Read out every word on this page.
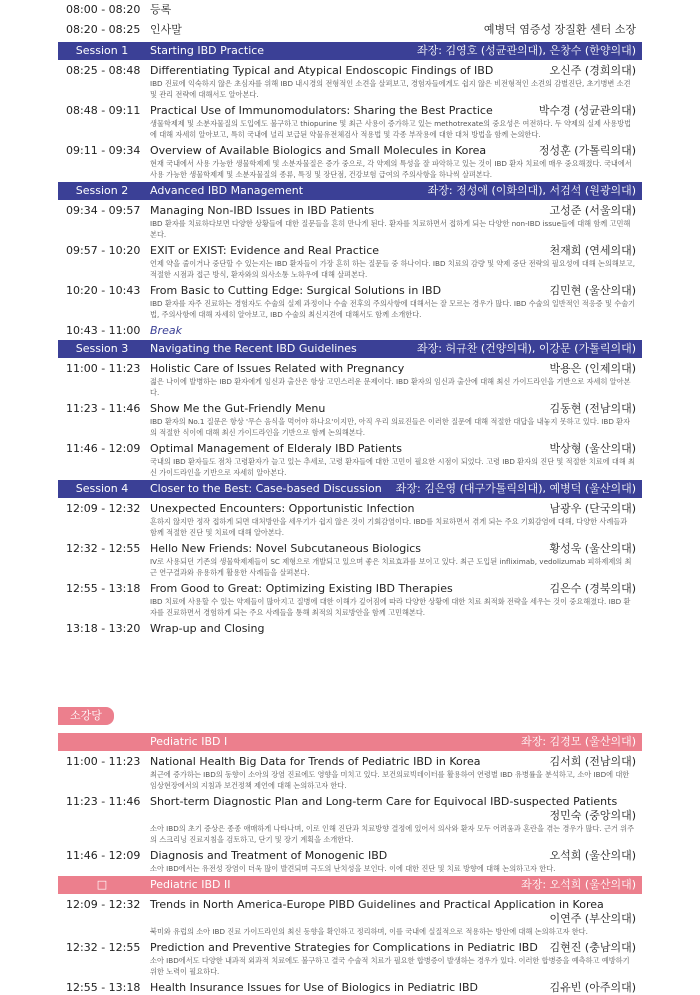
08:00 - 08:20 등록
08:20 - 08:25 인사말	예병덕 염증성 장질환 센터 소장
Session 1	Starting IBD Practice	좌장: 김영호 (성균관의대), 은창수 (한양의대)
08:25 - 08:48 Differentiating Typical and Atypical Endoscopic Findings of IBD	오신주 (경희의대)
IBD 진료에 익숙하지 않은 초심자를 위해 IBD 내시경의 전형적인 소견을 살펴보고, 경험자들에게도 쉽지 않은 비전형적인 소견의 감별진단, 초기병변 소견 및 관리 전략에 대해서도 알아본다.
08:48 - 09:11 Practical Use of Immunomodulators: Sharing the Best Practice	박수경 (성균관의대)
생물학제제 및 소분자물질의 도입에도 불구하고 thiopurine 및 최근 사용이 증가하고 있는 methotrexate의 중요성은 여전하다. 두 약제의 실제 사용방법에 대해 자세히 알아보고, 특히 국내에 널리 보급된 약물유전체검사 적용법 및 각종 부작용에 대한 대처 방법을 함께 논의한다.
09:11 - 09:34 Overview of Available Biologics and Small Molecules in Korea	정성훈 (가톨릭의대)
현재 국내에서 사용 가능한 생물학제제 및 소분자물질은 증가 중으로, 각 약제의 특성을 잘 파악하고 있는 것이 IBD 환자 치료에 매우 중요해졌다. 국내에서 사용 가능한 생물학제제 및 소분자물질의 종류, 특징 및 장단점, 건강보험 급여의 주의사항을 하나씩 살펴본다.
Session 2	Advanced IBD Management	좌장: 정성애 (이화의대), 서검석 (원광의대)
09:34 - 09:57 Managing Non-IBD Issues in IBD Patients	고성준 (서울의대)
IBD 환자를 치료하다보면 다양한 상황들에 대한 질문들을 흔히 만나게 된다. 환자를 치료하면서 접하게 되는 다양한 non-IBD issue들에 대해 함께 고민해본다.
09:57 - 10:20 EXIT or EXIST: Evidence and Real Practice	천재희 (연세의대)
언제 약을 줄이거나 중단할 수 있는지는 IBD 환자들이 가장 흔히 하는 질문들 중 하나이다. IBD 치료의 감량 및 약제 중단 전략의 필요성에 대해 논의해보고, 적절한 시점과 접근 방식, 환자와의 의사소통 노하우에 대해 살펴본다.
10:20 - 10:43 From Basic to Cutting Edge: Surgical Solutions in IBD	김민현 (울산의대)
IBD 환자를 자주 진료하는 경험자도 수술의 실제 과정이나 수술 전후의 주의사항에 대해서는 잘 모르는 경우가 많다. IBD 수술의 일반적인 적응증 및 수술기법, 주의사항에 대해 자세히 알아보고, IBD 수술의 최신지견에 대해서도 함께 소개한다.
10:43 - 11:00 Break
Session 3	Navigating the Recent IBD Guidelines	좌장: 허규찬 (건양의대), 이강문 (가톨릭의대)
11:00 - 11:23 Holistic Care of Issues Related with Pregnancy	박용은 (인제의대)
젊은 나이에 발병하는 IBD 환자에게 임신과 출산은 항상 고민스러운 문제이다. IBD 환자의 임신과 출산에 대해 최신 가이드라인을 기반으로 자세히 알아본다.
11:23 - 11:46 Show Me the Gut-Friendly Menu	김동현 (전남의대)
IBD 환자의 No.1 질문은 항상 '무슨 음식을 먹어야 하나요'이지만, 아직 우리 의료진들은 이러한 질문에 대해 적절한 대답을 내놓지 못하고 있다. IBD 환자의 적절한 식이에 대해 최신 가이드라인을 기반으로 함께 논의해본다.
11:46 - 12:09 Optimal Management of Elderaly IBD Patients	박상형 (울산의대)
국내의 IBD 환자들도 점차 고령환자가 늘고 있는 추세로, 고령 환자들에 대한 고민이 필요한 시점이 되었다. 고령 IBD 환자의 진단 및 적절한 치료에 대해 최신 가이드라인을 기반으로 자세히 알아본다.
Session 4	Closer to the Best: Case-based Discussion 좌장: 김은영 (대구가톨릭의대), 예병덕 (울산의대)
12:09 - 12:32 Unexpected Encounters: Opportunistic Infection	남광우 (단국의대)
흔하지 않지만 정작 접하게 되면 대처방안을 세우기가 쉽지 않은 것이 기회감염이다. IBD를 치료하면서 겪게 되는 주요 기회감염에 대해, 다양한 사례들과 함께 적절한 진단 및 치료에 대해 알아본다.
12:32 - 12:55 Hello New Friends: Novel Subcutaneous Biologics	황성욱 (울산의대)
IV로 사용되던 기존의 생물학제제들이 SC 제형으로 개발되고 있으며 좋은 치료효과를 보이고 있다. 최근 도입된 infliximab, vedolizumab 피하제제의 최근 연구결과와 유용하게 활용한 사례들을 살펴본다.
12:55 - 13:18 From Good to Great: Optimizing Existing IBD Therapies	김은수 (경북의대)
IBD 치료에 사용할 수 있는 약제들이 많아지고 질병에 대한 이해가 깊어짐에 따라 다양한 상황에 대한 치료 최적화 전략을 세우는 것이 중요해졌다. IBD 환자를 진료하면서 경험하게 되는 주요 사례들을 통해 최적의 치료방안을 함께 고민해본다.
13:18 - 13:20 Wrap-up and Closing
소강당
Pediatric IBD I	좌장: 김경모 (울산의대)
11:00 - 11:23 National Health Big Data for Trends of Pediatric IBD in Korea	김서희 (전남의대)
최근에 증가하는 IBD의 동향이 소아의 장염 진료에도 영향을 미치고 있다. 보건의료빅데이터를 활용하여 연령별 IBD 유병률을 분석하고, 소아 IBD에 대한 임상현장에서의 지침과 보건정책 제언에 대해 논의하고자 한다.
11:23 - 11:46 Short-term Diagnostic Plan and Long-term Care for Equivocal IBD-suspected Patients
정민숙 (중앙의대)
소아 IBD의 초기 증상은 종종 애매하게 나타나며, 이로 인해 진단과 치료방향 결정에 있어서 의사와 환자 모두 어려움과 혼란을 겪는 경우가 많다. 근거 위주의 스크리닝 진료지침을 검토하고, 단기 및 장기 계획을 소개한다.
11:46 - 12:09 Diagnosis and Treatment of Monogenic IBD	오석희 (울산의대)
소아 IBD에서는 유전성 장염이 더욱 많이 발견되며 극도의 난치성을 보인다. 이에 대한 진단 및 치료 방향에 대해 논의하고자 한다.
□	Pediatric IBD II	좌장: 오석희 (울산의대)
12:09 - 12:32 Trends in North America-Europe PIBD Guidelines and Practical Application in Korea
이연주 (부산의대)
북미와 유럽의 소아 IBD 진료 가이드라인의 최신 동향을 확인하고 정리하며, 이를 국내에 실질적으로 적용하는 방안에 대해 논의하고자 한다.
12:32 - 12:55 Prediction and Preventive Strategies for Complications in Pediatric IBD 김현진 (충남의대)
소아 IBD에서도 다양한 내과적 외과적 치료에도 불구하고 결국 수술적 치료가 필요한 합병증이 발생하는 경우가 있다. 이러한 합병증을 예측하고 예방하기 위한 노력이 필요하다.
12:55 - 13:18 Health Insurance Issues for Use of Biologics in Pediatric IBD	김유빈 (아주의대)
